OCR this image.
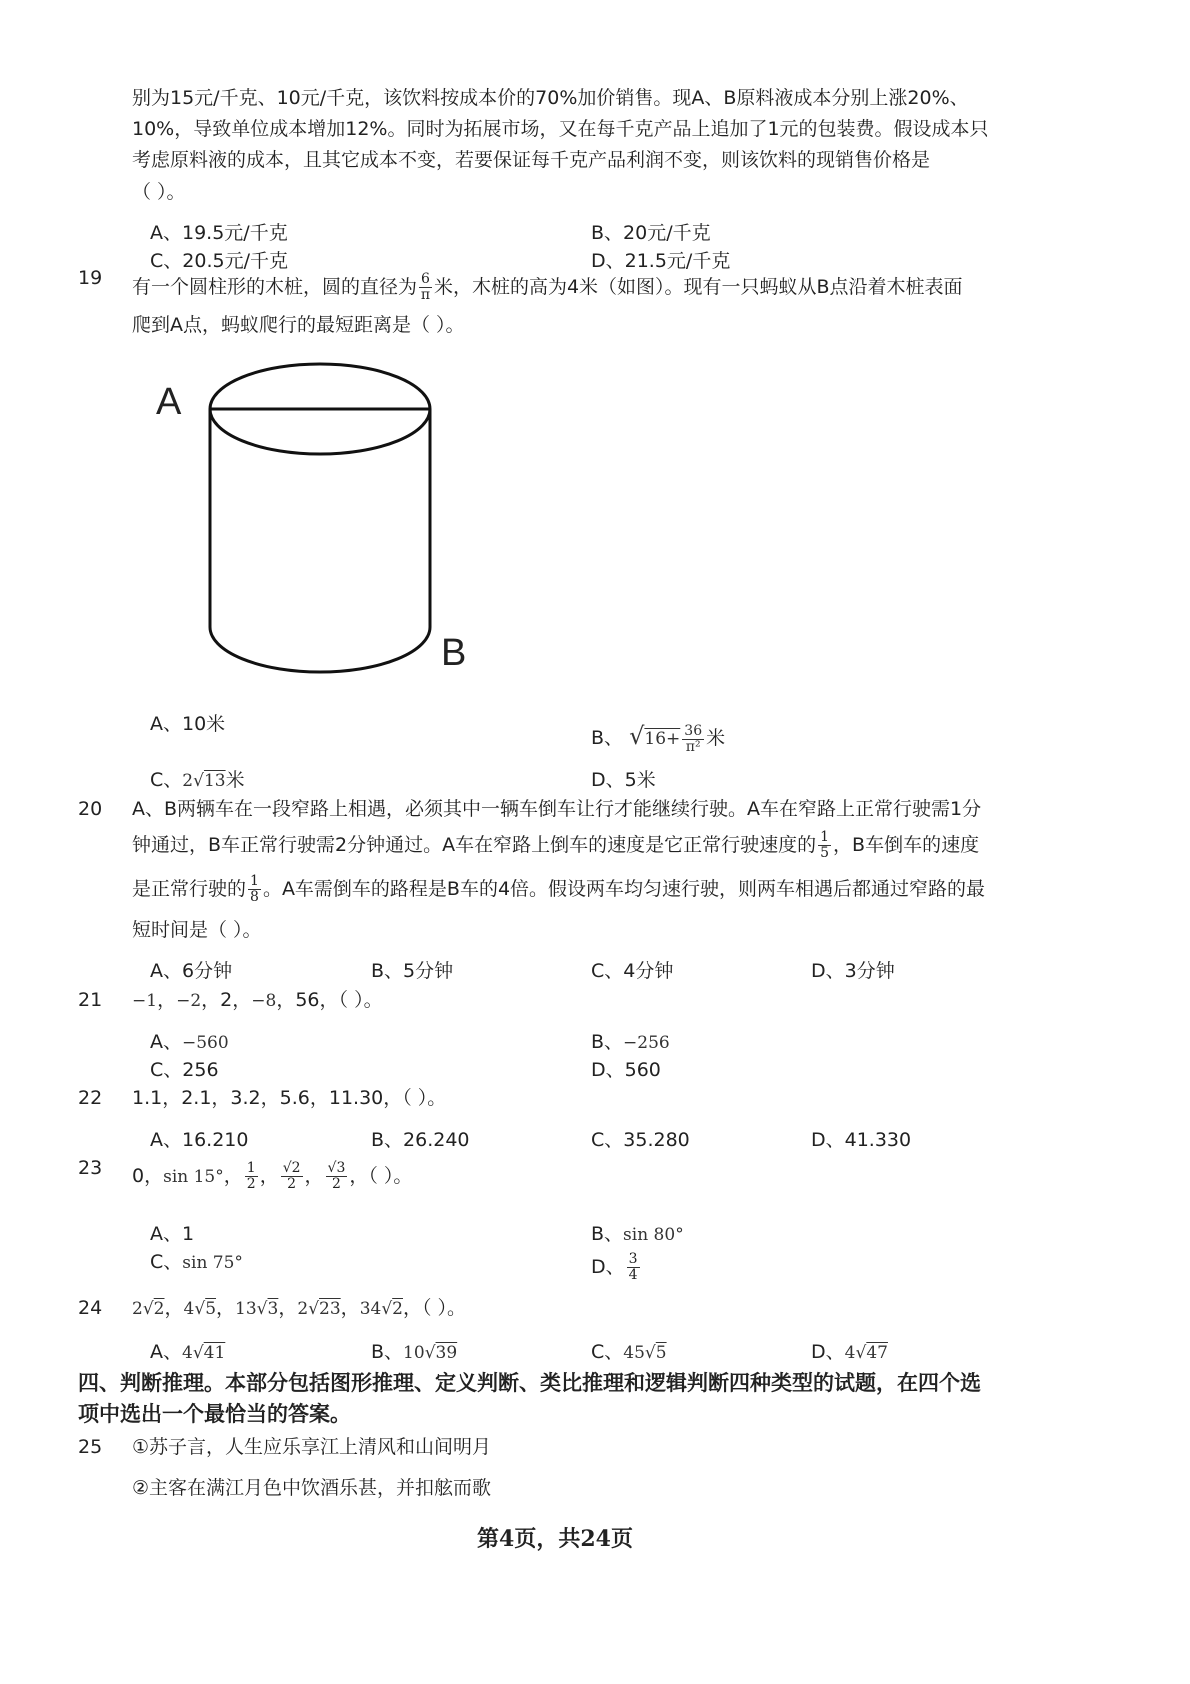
别为15元/千克、10元/千克，该饮料按成本价的70%加价销售。现A、B原料液成本分别上涨20%、
10%，导致单位成本增加12%。同时为拓展市场，又在每千克产品上追加了1元的包装费。假设成本只
考虑原料液的成本，且其它成本不变，若要保证每千克产品利润不变，则该饮料的现销售价格是
（ ）。
A、19.5元/千克	B、20元/千克
C、20.5元/千克	D、21.5元/千克
19 有一个圆柱形的木桩，圆的直径为 $\frac{6}{\pi}$ 米，木桩的高为4米（如图）。现有一只蚂蚁从B点沿着木桩表面
爬到A点，蚂蚁爬行的最短距离是（ ）。
A
B
A、10米
B、 $√16+ \frac{36}{\text{π²}}$ 米
C、2√13米	D、5米
20 A、B两辆车在一段窄路上相遇，必须其中一辆车倒车让行才能继续行驶。A车在窄路上正常行驶需1分
钟通过，B车正常行驶需2分钟通过。A车在窄路上倒车的速度是它正常行驶速度的 $\frac{1}{5}$ ，B车倒车的速度
是正常行驶的 $\frac{1}{8}$ 。A车需倒车的路程是B车的4倍。假设两车均匀速行驶，则两车相遇后都通过窄路的最
短时间是（ ）。
A、6分钟	B、5分钟	C、4分钟	D、3分钟
21 −1，−2，2，−8，56，（ ）。
A、−560	B、−256
C、256	D、560
22 1.1，2.1，3.2，5.6，11.30，（ ）。
A、16.210	B、26.240	C、35.280	D、41.330
23 0，sin 15°， $\frac{1}{2}$ ， $\frac{√2}{2}$ ， $\frac{√3}{2}$ ，（ ）。
A、1	B、sin 80°
C、sin 75°	D、 $\frac{3}{4}$
24 2√2，4√5，13√3，2√23，34√2，（ ）。
A、4√41	B、10√39	C、45√5	D、4√47
四、判断推理。本部分包括图形推理、定义判断、类比推理和逻辑判断四种类型的试题，在四个选
项中选出一个最恰当的答案。
25 ①苏子言，人生应乐享江上清风和山间明月
②主客在满江月色中饮酒乐甚，并扣舷而歌
第4页，共24页
